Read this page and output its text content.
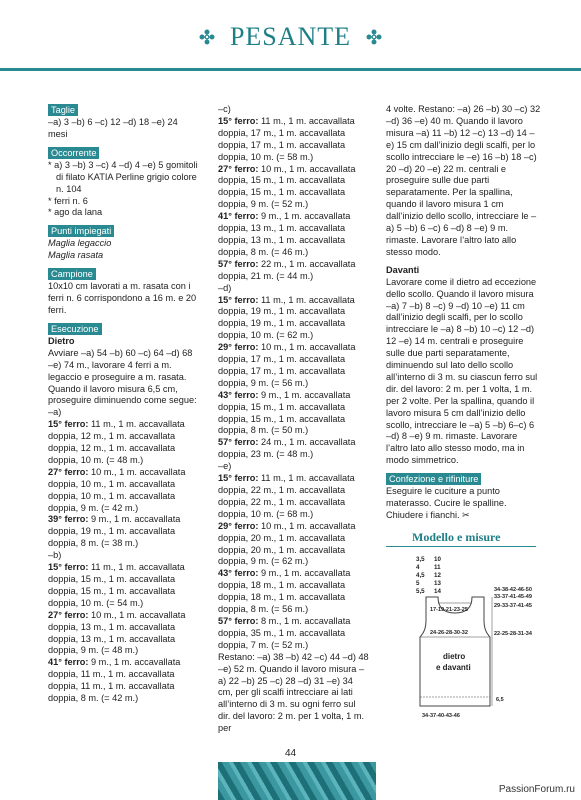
PESANTE
Taglie

–a) 3 –b) 6 –c) 12 –d) 18 –e) 24 mesi

Occorrente

* a) 3 –b) 3 –c) 4 –d) 4 –e) 5 gomitoli di filato KATIA Perline grigio colore n. 104

* ferri n. 6

* ago da lana

Punti impiegati

Maglia legaccio

Maglia rasata

Campione

10x10 cm lavorati a m. rasata con i ferri n. 6 corrispondono a 16 m. e 20 ferri.

Esecuzione

Dietro

Avviare –a) 54 –b) 60 –c) 64 –d) 68 –e) 74 m., lavorare 4 ferri a m. legaccio e proseguire a m. rasata. Quando il lavoro misura 6,5 cm, proseguire diminuendo come segue:

–a)

15° ferro: 11 m., 1 m. accavallata doppia, 12 m., 1 m. accavallata doppia, 12 m., 1 m. accavallata doppia, 10 m. (= 48 m.)

27° ferro: 10 m., 1 m. accavallata doppia, 10 m., 1 m. accavallata doppia, 10 m., 1 m. accavallata doppia, 9 m. (= 42 m.)

39° ferro: 9 m., 1 m. accavallata doppia, 19 m., 1 m. accavallata doppia, 8 m. (= 38 m.)

–b)

15° ferro: 11 m., 1 m. accavallata doppia, 15 m., 1 m. accavallata doppia, 15 m., 1 m. accavallata doppia, 10 m. (= 54 m.)

27° ferro: 10 m., 1 m. accavallata doppia, 13 m., 1 m. accavallata doppia, 13 m., 1 m. accavallata doppia, 9 m. (= 48 m.)

41° ferro: 9 m., 1 m. accavallata doppia, 11 m., 1 m. accavallata doppia, 11 m., 1 m. accavallata doppia, 8 m. (= 42 m.)

–c)

15° ferro: 11 m., 1 m. accavallata doppia, 17 m., 1 m. accavallata doppia, 17 m., 1 m. accavallata doppia, 10 m. (= 58 m.)

27° ferro: 10 m., 1 m. accavallata doppia, 15 m., 1 m. accavallata doppia, 15 m., 1 m. accavallata doppia, 9 m. (= 52 m.)

41° ferro: 9 m., 1 m. accavallata doppia, 13 m., 1 m. accavallata doppia, 13 m., 1 m. accavallata doppia, 8 m. (= 46 m.)

57° ferro: 22 m., 1 m. accavallata doppia, 21 m. (= 44 m.)

–d)

15° ferro: 11 m., 1 m. accavallata doppia, 19 m., 1 m. accavallata doppia, 19 m., 1 m. accavallata doppia, 10 m. (= 62 m.)

29° ferro: 10 m., 1 m. accavallata doppia, 17 m., 1 m. accavallata doppia, 17 m., 1 m. accavallata doppia, 9 m. (= 56 m.)

43° ferro: 9 m., 1 m. accavallata doppia, 15 m., 1 m. accavallata doppia, 15 m., 1 m. accavallata doppia, 8 m. (= 50 m.)

57° ferro: 24 m., 1 m. accavallata doppia, 23 m. (= 48 m.)

–e)

15° ferro: 11 m., 1 m. accavallata doppia, 22 m., 1 m. accavallata doppia, 22 m., 1 m. accavallata doppia, 10 m. (= 68 m.)

29° ferro: 10 m., 1 m. accavallata doppia, 20 m., 1 m. accavallata doppia, 20 m., 1 m. accavallata doppia, 9 m. (= 62 m.)

43° ferro: 9 m., 1 m. accavallata doppia, 18 m., 1 m. accavallata doppia, 18 m., 1 m. accavallata doppia, 8 m. (= 56 m.)

57° ferro: 8 m., 1 m. accavallata doppia, 35 m., 1 m. accavallata doppia, 7 m. (= 52 m.)

Restano: –a) 38 –b) 42 –c) 44 –d) 48 –e) 52 m. Quando il lavoro misura –a) 22 –b) 25 –c) 28 –d) 31 –e) 34 cm, per gli scalfi intrecciare ai lati all’interno di 3 m. su ogni ferro sul dir. del lavoro: 2 m. per 1 volta, 1 m. per

4 volte. Restano: –a) 26 –b) 30 –c) 32 –d) 36 –e) 40 m. Quando il lavoro misura –a) 11 –b) 12 –c) 13 –d) 14 –e) 15 cm dall’inizio degli scalfi, per lo scollo intrecciare le –e) 16 –b) 18 –c) 20 –d) 20 –e) 22 m. centrali e proseguire sulle due parti separatamente. Per la spallina, quando il lavoro misura 1 cm dall’inizio dello scollo, intrecciare le –a) 5 –b) 6 –c) 6 –d) 8 –e) 9 m. rimaste. Lavorare l’altro lato allo stesso modo.

Davanti

Lavorare come il dietro ad eccezione dello scollo. Quando il lavoro misura –a) 7 –b) 8 –c) 9 –d) 10 –e) 11 cm dall’inizio degli scalfi, per lo scollo intrecciare le –a) 8 –b) 10 –c) 12 –d) 12 –e) 14 m. centrali e proseguire sulle due parti separatamente, diminuendo sul lato dello scollo all’interno di 3 m. su ciascun ferro sul dir. del lavoro: 2 m. per 1 volta, 1 m. per 2 volte. Per la spallina, quando il lavoro misura 5 cm dall’inizio dello scollo, intrecciare le –a) 5 –b) 6–c) 6 –d) 8 –e) 9 m. rimaste. Lavorare l’altro lato allo stesso modo, ma in modo simmetrico.

Confezione e rifiniture

Eseguire le cuciture a punto materasso. Cucire le spalline. Chiudere i fianchi. ✂

Modello e misure
3,5
4
4,5
5
5,5
10
11
12
13
14
17-19-21-23-25
24-26-28-30-32
dietro
e davanti
34-38-42-46-50
33-37-41-45-49
29-33-37-41-45
22-25-28-31-34
6,5
34-37-40-43-46
44
PassionForum.ru
